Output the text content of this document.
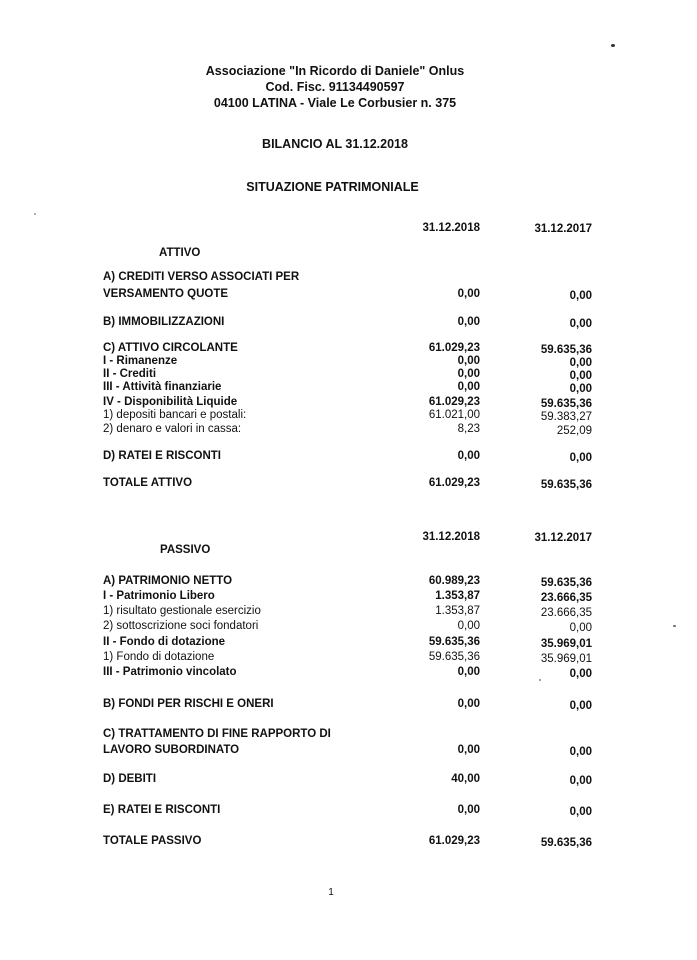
Associazione "In Ricordo di Daniele" Onlus
Cod. Fisc. 91134490597
04100 LATINA - Viale Le Corbusier n. 375
BILANCIO AL 31.12.2018
SITUAZIONE PATRIMONIALE
31.12.2018	31.12.2017
ATTIVO
A) CREDITI VERSO ASSOCIATI PER
VERSAMENTO QUOTE	0,00	0,00
B) IMMOBILIZZAZIONI	0,00	0,00
C) ATTIVO CIRCOLANTE	61.029,23	59.635,36
I - Rimanenze	0,00	0,00
II - Crediti	0,00	0,00
III - Attività finanziarie	0,00	0,00
IV - Disponibilità Liquide	61.029,23	59.635,36
1) depositi bancari e postali:	61.021,00	59.383,27
2) denaro e valori in cassa:	8,23	252,09
D) RATEI E RISCONTI	0,00	0,00
TOTALE ATTIVO	61.029,23	59.635,36
31.12.2018	31.12.2017
PASSIVO
A) PATRIMONIO NETTO	60.989,23	59.635,36
I - Patrimonio Libero	1.353,87	23.666,35
1) risultato gestionale esercizio	1.353,87	23.666,35
2) sottoscrizione soci fondatori	0,00	0,00
II - Fondo di dotazione	59.635,36	35.969,01
1) Fondo di dotazione	59.635,36	35.969,01
III - Patrimonio vincolato	0,00	0,00
B) FONDI PER RISCHI E ONERI	0,00	0,00
C) TRATTAMENTO DI FINE RAPPORTO DI
LAVORO SUBORDINATO	0,00	0,00
D) DEBITI	40,00	0,00
E) RATEI E RISCONTI	0,00	0,00
TOTALE PASSIVO	61.029,23	59.635,36
1
